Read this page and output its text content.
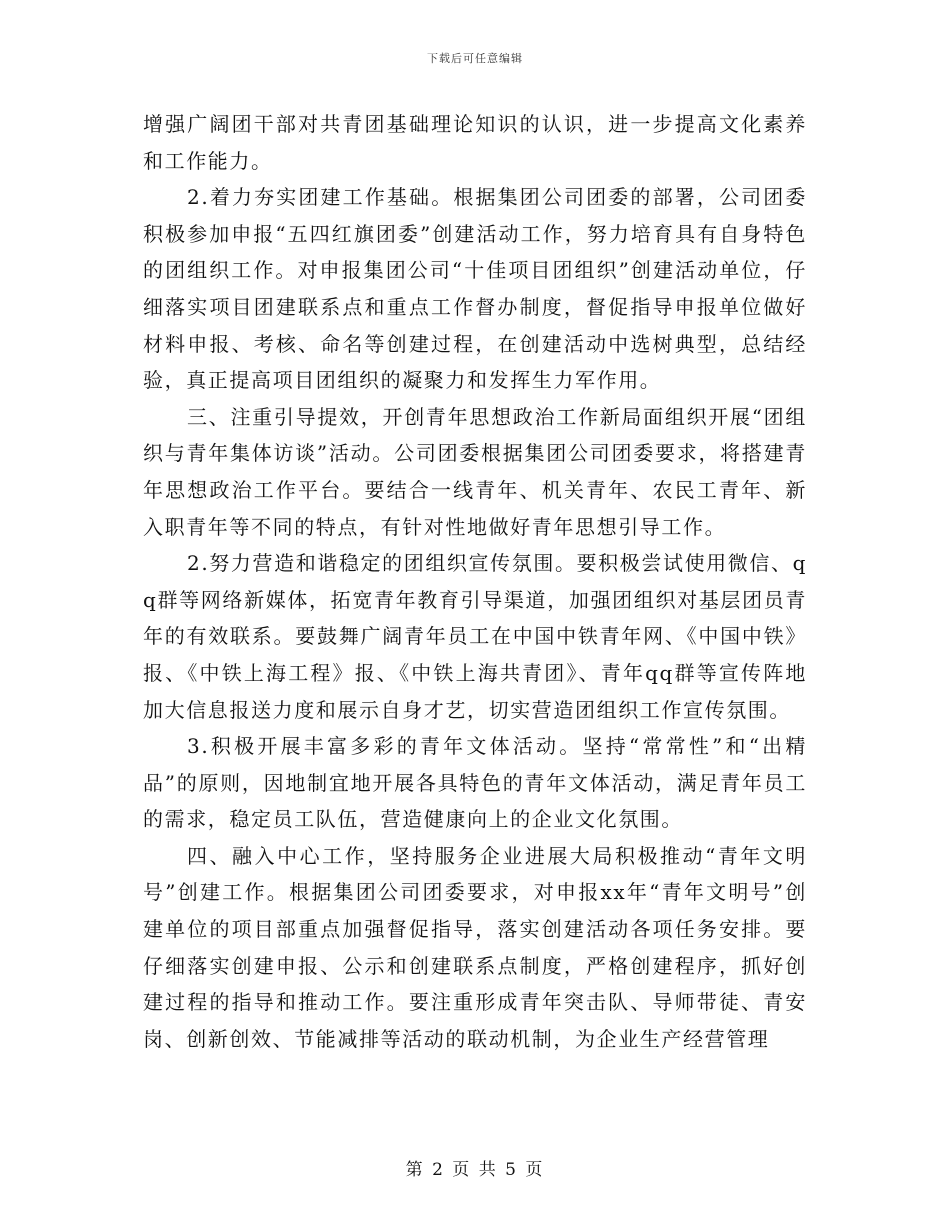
下载后可任意编辑

增强广阔团干部对共青团基础理论知识的认识，进一步提高文化素养和工作能力。

2.着力夯实团建工作基础。根据集团公司团委的部署，公司团委积极参加申报“五四红旗团委”创建活动工作，努力培育具有自身特色的团组织工作。对申报集团公司“十佳项目团组织”创建活动单位，仔细落实项目团建联系点和重点工作督办制度，督促指导申报单位做好材料申报、考核、命名等创建过程，在创建活动中选树典型，总结经验，真正提高项目团组织的凝聚力和发挥生力军作用。

三、注重引导提效，开创青年思想政治工作新局面组织开展“团组织与青年集体访谈”活动。公司团委根据集团公司团委要求，将搭建青年思想政治工作平台。要结合一线青年、机关青年、农民工青年、新入职青年等不同的特点，有针对性地做好青年思想引导工作。

2.努力营造和谐稳定的团组织宣传氛围。要积极尝试使用微信、qq群等网络新媒体，拓宽青年教育引导渠道，加强团组织对基层团员青年的有效联系。要鼓舞广阔青年员工在中国中铁青年网、《中国中铁》报、《中铁上海工程》报、《中铁上海共青团》、青年qq群等宣传阵地加大信息报送力度和展示自身才艺，切实营造团组织工作宣传氛围。

3.积极开展丰富多彩的青年文体活动。坚持“常常性”和“出精品”的原则，因地制宜地开展各具特色的青年文体活动，满足青年员工的需求，稳定员工队伍，营造健康向上的企业文化氛围。

四、融入中心工作，坚持服务企业进展大局积极推动“青年文明号”创建工作。根据集团公司团委要求，对申报xx年“青年文明号”创建单位的项目部重点加强督促指导，落实创建活动各项任务安排。要仔细落实创建申报、公示和创建联系点制度，严格创建程序，抓好创建过程的指导和推动工作。要注重形成青年突击队、导师带徒、青安岗、创新创效、节能减排等活动的联动机制，为企业生产经营管理

第 2 页 共 5 页
